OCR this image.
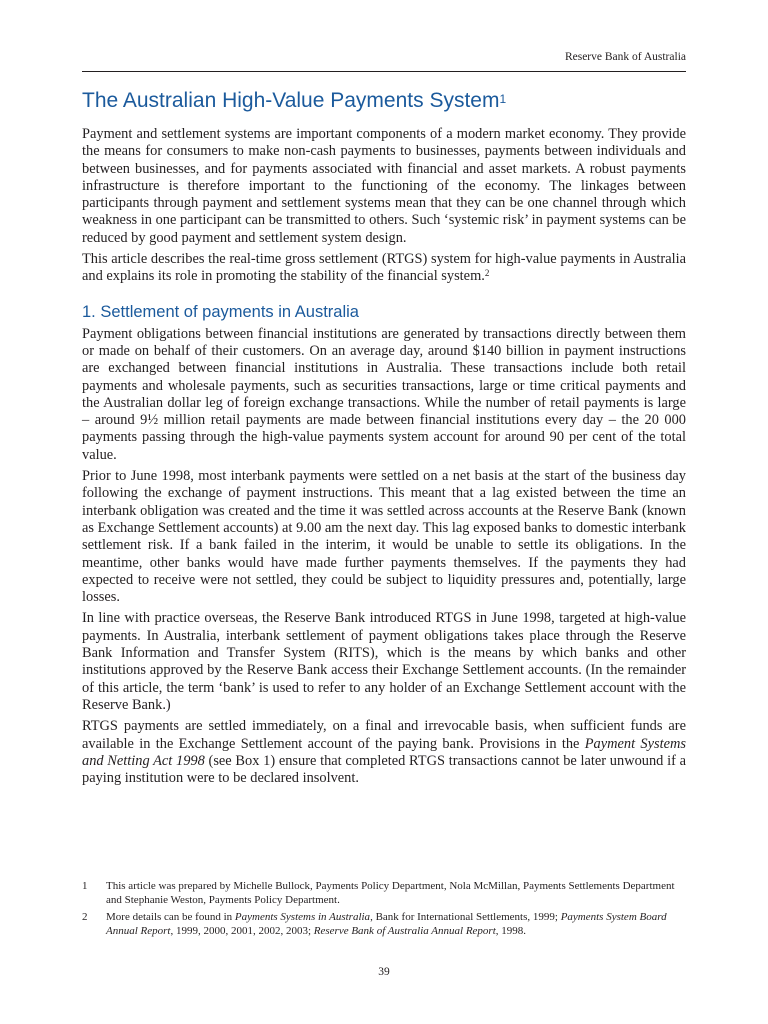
Reserve Bank of Australia
The Australian High-Value Payments System$^1$

Payment and settlement systems are important components of a modern market economy. They provide the means for consumers to make non-cash payments to businesses, payments between individuals and between businesses, and for payments associated with financial and asset markets. A robust payments infrastructure is therefore important to the functioning of the economy. The linkages between participants through payment and settlement systems mean that they can be one channel through which weakness in one participant can be transmitted to others. Such ‘systemic risk’ in payment systems can be reduced by good payment and settlement system design.

This article describes the real-time gross settlement (RTGS) system for high-value payments in Australia and explains its role in promoting the stability of the financial system.$^2$

1. Settlement of payments in Australia

Payment obligations between financial institutions are generated by transactions directly between them or made on behalf of their customers. On an average day, around $140 billion in payment instructions are exchanged between financial institutions in Australia. These transactions include both retail payments and wholesale payments, such as securities transactions, large or time critical payments and the Australian dollar leg of foreign exchange transactions. While the number of retail payments is large – around 9½ million retail payments are made between financial institutions every day – the 20 000 payments passing through the high-value payments system account for around 90 per cent of the total value.

Prior to June 1998, most interbank payments were settled on a net basis at the start of the business day following the exchange of payment instructions. This meant that a lag existed between the time an interbank obligation was created and the time it was settled across accounts at the Reserve Bank (known as Exchange Settlement accounts) at 9.00 am the next day. This lag exposed banks to domestic interbank settlement risk. If a bank failed in the interim, it would be unable to settle its obligations. In the meantime, other banks would have made further payments themselves. If the payments they had expected to receive were not settled, they could be subject to liquidity pressures and, potentially, large losses.

In line with practice overseas, the Reserve Bank introduced RTGS in June 1998, targeted at high-value payments. In Australia, interbank settlement of payment obligations takes place through the Reserve Bank Information and Transfer System (RITS), which is the means by which banks and other institutions approved by the Reserve Bank access their Exchange Settlement accounts. (In the remainder of this article, the term ‘bank’ is used to refer to any holder of an Exchange Settlement account with the Reserve Bank.)

RTGS payments are settled immediately, on a final and irrevocable basis, when sufficient funds are available in the Exchange Settlement account of the paying bank. Provisions in the Payment Systems and Netting Act 1998 (see Box 1) ensure that completed RTGS transactions cannot be later unwound if a paying institution were to be declared insolvent.

1	This article was prepared by Michelle Bullock, Payments Policy Department, Nola McMillan, Payments Settlements Department and Stephanie Weston, Payments Policy Department.
2	More details can be found in Payments Systems in Australia, Bank for International Settlements, 1999; Payments System Board Annual Report, 1999, 2000, 2001, 2002, 2003; Reserve Bank of Australia Annual Report, 1998.
39
